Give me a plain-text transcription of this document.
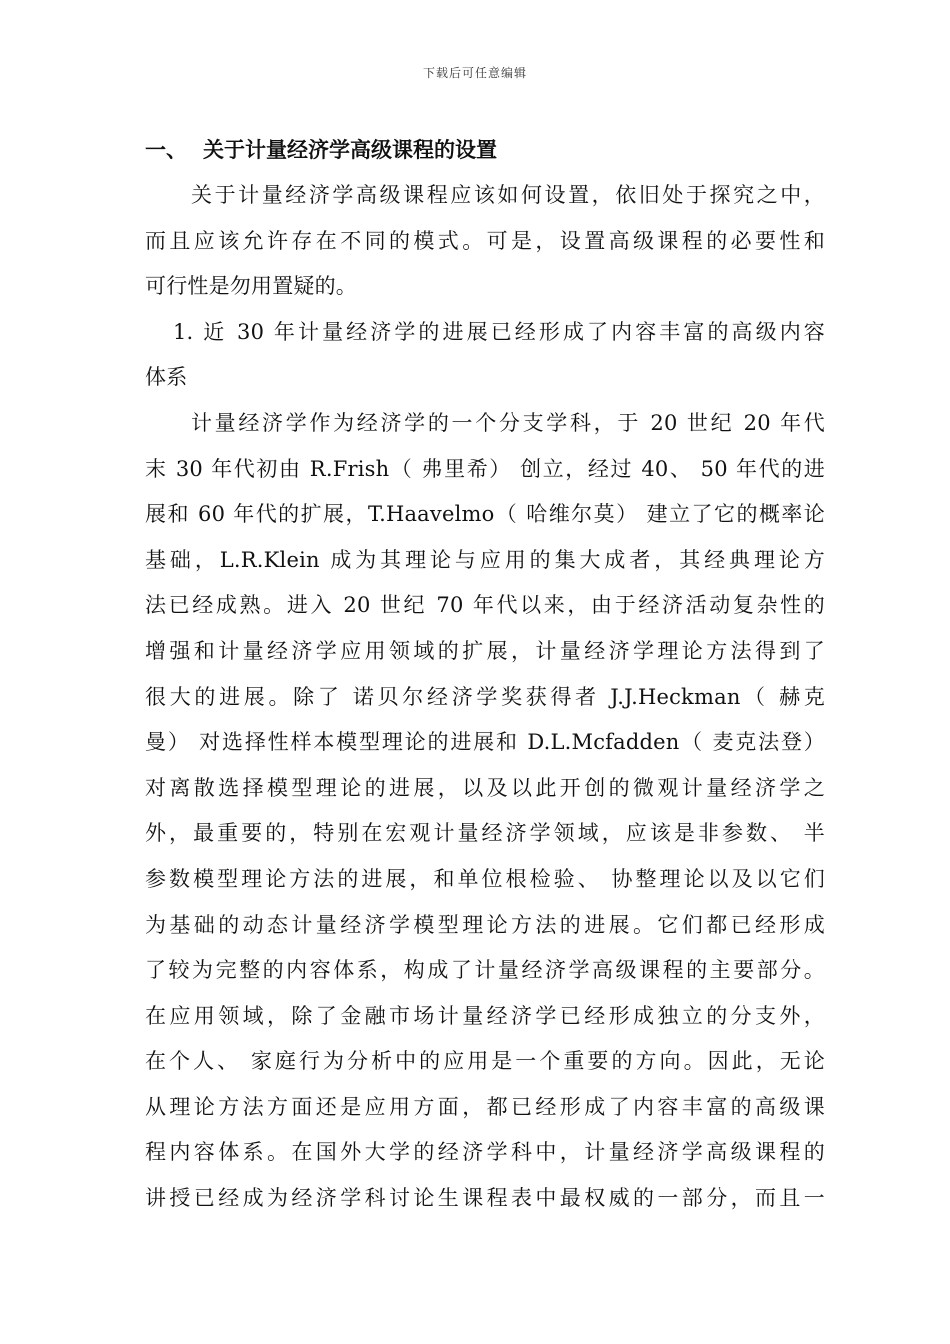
下载后可任意编辑
一、 关于计量经济学高级课程的设置
关于计量经济学高级课程应该如何设置，依旧处于探究之中，
而且应该允许存在不同的模式。可是，设置高级课程的必要性和
可行性是勿用置疑的。
1. 近 30 年计量经济学的进展已经形成了内容丰富的高级内容
体系
计量经济学作为经济学的一个分支学科，于 20 世纪 20 年代
末 30 年代初由 R.Frish（ 弗里希） 创立，经过 40、 50 年代的进
展和 60 年代的扩展，T.Haavelmo（ 哈维尔莫） 建立了它的概率论
基础，L.R.Klein 成为其理论与应用的集大成者，其经典理论方
法已经成熟。进入 20 世纪 70 年代以来，由于经济活动复杂性的
增强和计量经济学应用领域的扩展，计量经济学理论方法得到了
很大的进展。除了 诺贝尔经济学奖获得者 J.J.Heckman（ 赫克
曼） 对选择性样本模型理论的进展和 D.L.Mcfadden（ 麦克法登）
对离散选择模型理论的进展，以及以此开创的微观计量经济学之
外，最重要的，特别在宏观计量经济学领域，应该是非参数、 半
参数模型理论方法的进展，和单位根检验、 协整理论以及以它们
为基础的动态计量经济学模型理论方法的进展。它们都已经形成
了较为完整的内容体系，构成了计量经济学高级课程的主要部分。
在应用领域，除了金融市场计量经济学已经形成独立的分支外，
在个人、 家庭行为分析中的应用是一个重要的方向。因此，无论
从理论方法方面还是应用方面，都已经形成了内容丰富的高级课
程内容体系。在国外大学的经济学科中，计量经济学高级课程的
讲授已经成为经济学科讨论生课程表中最权威的一部分，而且一
